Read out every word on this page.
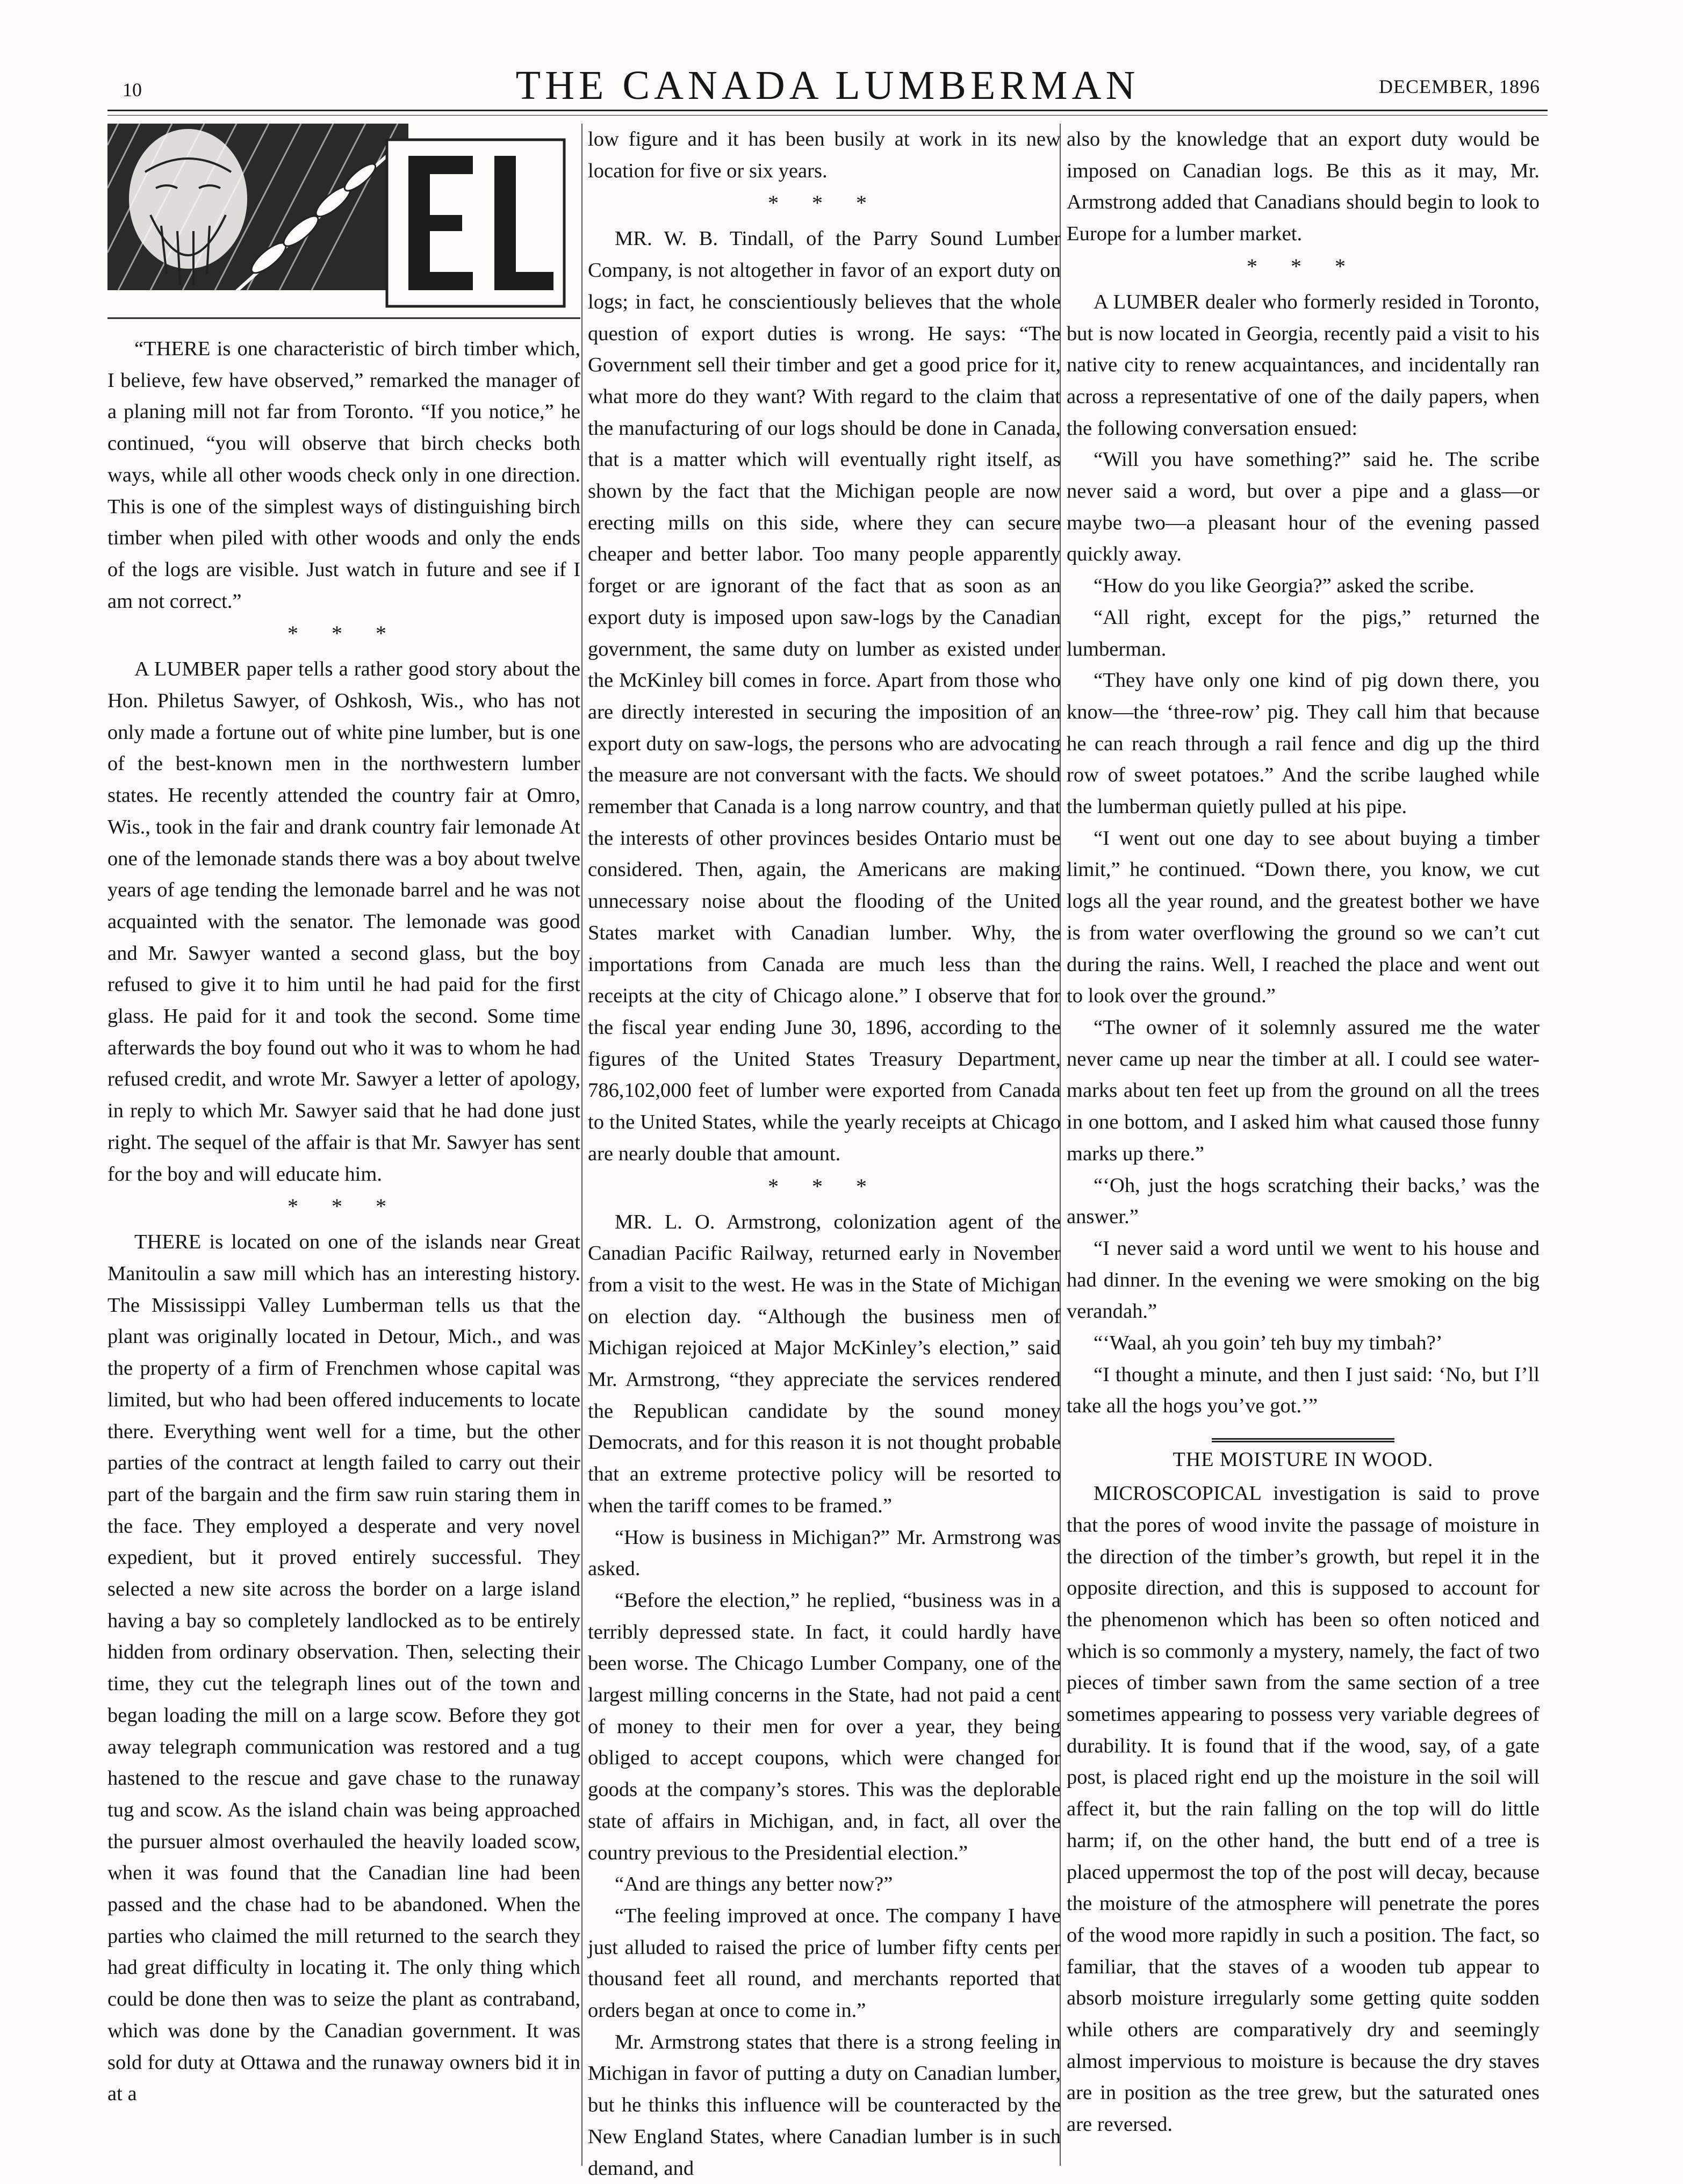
10	THE CANADA LUMBERMAN	DECEMBER, 1896

“THERE is one characteristic of birch timber which, I believe, few have observed,” remarked the manager of a planing mill not far from Toronto. “If you notice,” he continued, “you will observe that birch checks both ways, while all other woods check only in one direction. This is one of the simplest ways of distinguishing birch timber when piled with other woods and only the ends of the logs are visible. Just watch in future and see if I am not correct.”

* * *

A LUMBER paper tells a rather good story about the Hon. Philetus Sawyer, of Oshkosh, Wis., who has not only made a fortune out of white pine lumber, but is one of the best-known men in the northwestern lumber states. He recently attended the country fair at Omro, Wis., took in the fair and drank country fair lemonade At one of the lemonade stands there was a boy about twelve years of age tending the lemonade barrel and he was not acquainted with the senator. The lemonade was good and Mr. Sawyer wanted a second glass, but the boy refused to give it to him until he had paid for the first glass. He paid for it and took the second. Some time afterwards the boy found out who it was to whom he had refused credit, and wrote Mr. Sawyer a letter of apology, in reply to which Mr. Sawyer said that he had done just right. The sequel of the affair is that Mr. Sawyer has sent for the boy and will educate him.

* * *

THERE is located on one of the islands near Great Manitoulin a saw mill which has an interesting history. The Mississippi Valley Lumberman tells us that the plant was originally located in Detour, Mich., and was the property of a firm of Frenchmen whose capital was limited, but who had been offered inducements to locate there. Everything went well for a time, but the other parties of the contract at length failed to carry out their part of the bargain and the firm saw ruin staring them in the face. They employed a desperate and very novel expedient, but it proved entirely successful. They selected a new site across the border on a large island having a bay so completely landlocked as to be entirely hidden from ordinary observation. Then, selecting their time, they cut the telegraph lines out of the town and began loading the mill on a large scow. Before they got away telegraph communication was restored and a tug hastened to the rescue and gave chase to the runaway tug and scow. As the island chain was being approached the pursuer almost overhauled the heavily loaded scow, when it was found that the Canadian line had been passed and the chase had to be abandoned. When the parties who claimed the mill returned to the search they had great difficulty in locating it. The only thing which could be done then was to seize the plant as contraband, which was done by the Canadian government. It was sold for duty at Ottawa and the runaway owners bid it in at a

low figure and it has been busily at work in its new location for five or six years.

* * *

MR. W. B. Tindall, of the Parry Sound Lumber Company, is not altogether in favor of an export duty on logs; in fact, he conscientiously believes that the whole question of export duties is wrong. He says: “The Government sell their timber and get a good price for it, what more do they want? With regard to the claim that the manufacturing of our logs should be done in Canada, that is a matter which will eventually right itself, as shown by the fact that the Michigan people are now erecting mills on this side, where they can secure cheaper and better labor. Too many people apparently forget or are ignorant of the fact that as soon as an export duty is imposed upon saw-logs by the Canadian government, the same duty on lumber as existed under the McKinley bill comes in force. Apart from those who are directly interested in securing the imposition of an export duty on saw-logs, the persons who are advocating the measure are not conversant with the facts. We should remember that Canada is a long narrow country, and that the interests of other provinces besides Ontario must be considered. Then, again, the Americans are making unnecessary noise about the flooding of the United States market with Canadian lumber. Why, the importations from Canada are much less than the receipts at the city of Chicago alone.” I observe that for the fiscal year ending June 30, 1896, according to the figures of the United States Treasury Department, 786,102,000 feet of lumber were exported from Canada to the United States, while the yearly receipts at Chicago are nearly double that amount.

* * *

MR. L. O. Armstrong, colonization agent of the Canadian Pacific Railway, returned early in November from a visit to the west. He was in the State of Michigan on election day. “Although the business men of Michigan rejoiced at Major McKinley’s election,” said Mr. Armstrong, “they appreciate the services rendered the Republican candidate by the sound money Democrats, and for this reason it is not thought probable that an extreme protective policy will be resorted to when the tariff comes to be framed.”

“How is business in Michigan?” Mr. Armstrong was asked.

“Before the election,” he replied, “business was in a terribly depressed state. In fact, it could hardly have been worse. The Chicago Lumber Company, one of the largest milling concerns in the State, had not paid a cent of money to their men for over a year, they being obliged to accept coupons, which were changed for goods at the company’s stores. This was the deplorable state of affairs in Michigan, and, in fact, all over the country previous to the Presidential election.”

“And are things any better now?”

“The feeling improved at once. The company I have just alluded to raised the price of lumber fifty cents per thousand feet all round, and merchants reported that orders began at once to come in.”

Mr. Armstrong states that there is a strong feeling in Michigan in favor of putting a duty on Canadian lumber, but he thinks this influence will be counteracted by the New England States, where Canadian lumber is in such demand, and

also by the knowledge that an export duty would be imposed on Canadian logs. Be this as it may, Mr. Armstrong added that Canadians should begin to look to Europe for a lumber market.

* * *

A LUMBER dealer who formerly resided in Toronto, but is now located in Georgia, recently paid a visit to his native city to renew acquaintances, and incidentally ran across a representative of one of the daily papers, when the following conversation ensued:

“Will you have something?” said he. The scribe never said a word, but over a pipe and a glass—or maybe two—a pleasant hour of the evening passed quickly away.

“How do you like Georgia?” asked the scribe.

“All right, except for the pigs,” returned the lumberman.

“They have only one kind of pig down there, you know—the ‘three-row’ pig. They call him that because he can reach through a rail fence and dig up the third row of sweet potatoes.” And the scribe laughed while the lumberman quietly pulled at his pipe.

“I went out one day to see about buying a timber limit,” he continued. “Down there, you know, we cut logs all the year round, and the greatest bother we have is from water overflowing the ground so we can’t cut during the rains. Well, I reached the place and went out to look over the ground.”

“The owner of it solemnly assured me the water never came up near the timber at all. I could see water-marks about ten feet up from the ground on all the trees in one bottom, and I asked him what caused those funny marks up there.”

“‘Oh, just the hogs scratching their backs,’ was the answer.”

“I never said a word until we went to his house and had dinner. In the evening we were smoking on the big verandah.”

“‘Waal, ah you goin’ teh buy my timbah?’

“I thought a minute, and then I just said: ‘No, but I’ll take all the hogs you’ve got.’”

THE MOISTURE IN WOOD.

MICROSCOPICAL investigation is said to prove that the pores of wood invite the passage of moisture in the direction of the timber’s growth, but repel it in the opposite direction, and this is supposed to account for the phenomenon which has been so often noticed and which is so commonly a mystery, namely, the fact of two pieces of timber sawn from the same section of a tree sometimes appearing to possess very variable degrees of durability. It is found that if the wood, say, of a gate post, is placed right end up the moisture in the soil will affect it, but the rain falling on the top will do little harm; if, on the other hand, the butt end of a tree is placed uppermost the top of the post will decay, because the moisture of the atmosphere will penetrate the pores of the wood more rapidly in such a position. The fact, so familiar, that the staves of a wooden tub appear to absorb moisture irregularly some getting quite sodden while others are comparatively dry and seemingly almost impervious to moisture is because the dry staves are in position as the tree grew, but the saturated ones are reversed.
